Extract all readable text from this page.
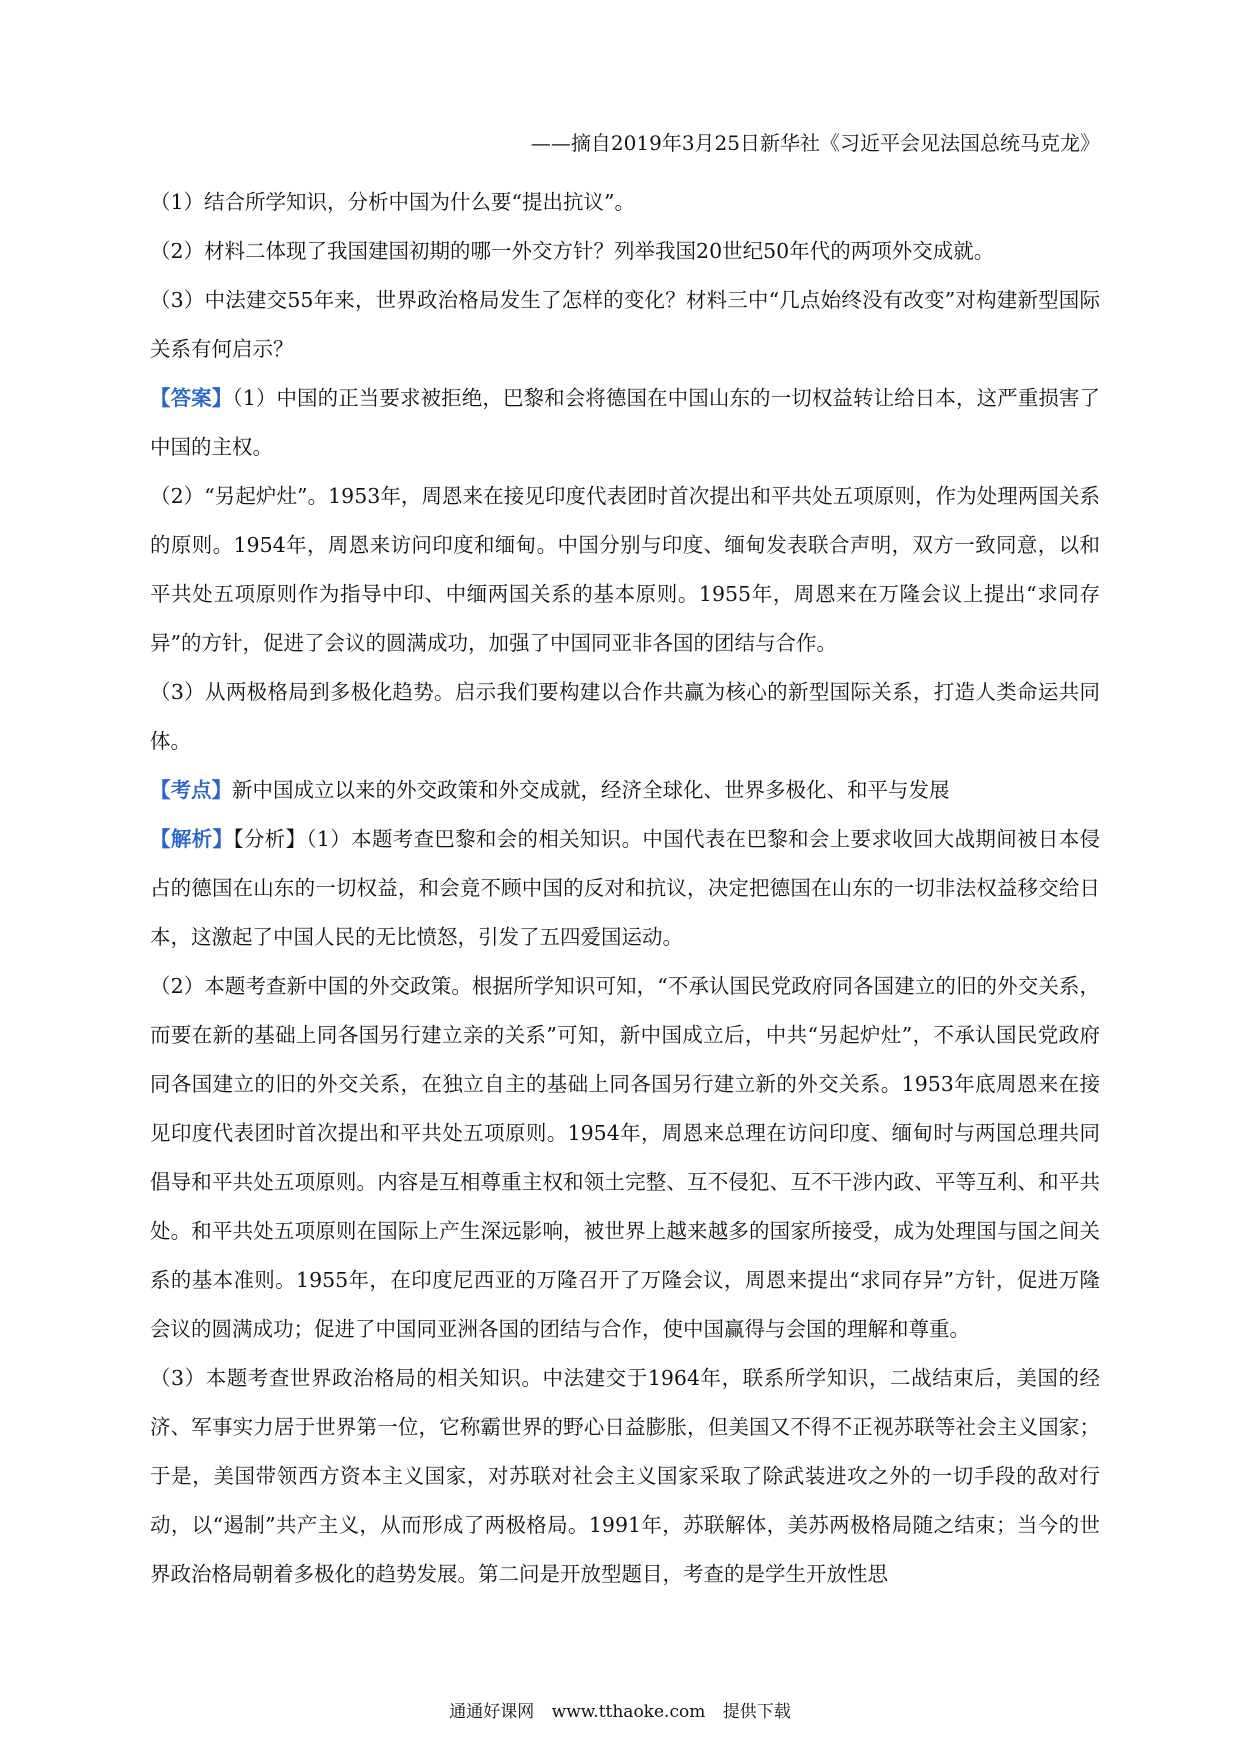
——摘自2019年3月25日新华社《习近平会见法国总统马克龙》

（1）结合所学知识，分析中国为什么要“提出抗议”。

（2）材料二体现了我国建国初期的哪一外交方针？列举我国20世纪50年代的两项外交成就。

（3）中法建交55年来，世界政治格局发生了怎样的变化？材料三中“几点始终没有改变”对构建新型国际关系有何启示？

【答案】（1）中国的正当要求被拒绝，巴黎和会将德国在中国山东的一切权益转让给日本，这严重损害了中国的主权。

（2）“另起炉灶”。1953年，周恩来在接见印度代表团时首次提出和平共处五项原则，作为处理两国关系的原则。1954年，周恩来访问印度和缅甸。中国分别与印度、缅甸发表联合声明，双方一致同意，以和平共处五项原则作为指导中印、中缅两国关系的基本原则。1955年，周恩来在万隆会议上提出“求同存异”的方针，促进了会议的圆满成功，加强了中国同亚非各国的团结与合作。

（3）从两极格局到多极化趋势。启示我们要构建以合作共赢为核心的新型国际关系，打造人类命运共同体。

【考点】新中国成立以来的外交政策和外交成就，经济全球化、世界多极化、和平与发展

【解析】【分析】（1）本题考查巴黎和会的相关知识。中国代表在巴黎和会上要求收回大战期间被日本侵占的德国在山东的一切权益，和会竟不顾中国的反对和抗议，决定把德国在山东的一切非法权益移交给日本，这激起了中国人民的无比愤怒，引发了五四爱国运动。

（2）本题考查新中国的外交政策。根据所学知识可知，“不承认国民党政府同各国建立的旧的外交关系，而要在新的基础上同各国另行建立亲的关系”可知，新中国成立后，中共“另起炉灶”，不承认国民党政府同各国建立的旧的外交关系，在独立自主的基础上同各国另行建立新的外交关系。1953年底周恩来在接见印度代表团时首次提出和平共处五项原则。1954年，周恩来总理在访问印度、缅甸时与两国总理共同倡导和平共处五项原则。内容是互相尊重主权和领土完整、互不侵犯、互不干涉内政、平等互利、和平共处。和平共处五项原则在国际上产生深远影响，被世界上越来越多的国家所接受，成为处理国与国之间关系的基本准则。1955年，在印度尼西亚的万隆召开了万隆会议，周恩来提出“求同存异”方针，促进万隆会议的圆满成功；促进了中国同亚洲各国的团结与合作，使中国赢得与会国的理解和尊重。

（3）本题考查世界政治格局的相关知识。中法建交于1964年，联系所学知识，二战结束后，美国的经济、军事实力居于世界第一位，它称霸世界的野心日益膨胀，但美国又不得不正视苏联等社会主义国家；于是，美国带领西方资本主义国家，对苏联对社会主义国家采取了除武装进攻之外的一切手段的敌对行动，以“遏制”共产主义，从而形成了两极格局。1991年，苏联解体，美苏两极格局随之结束；当今的世界政治格局朝着多极化的趋势发展。第二问是开放型题目，考查的是学生开放性思

通通好课网 www.tthaoke.com 提供下载
